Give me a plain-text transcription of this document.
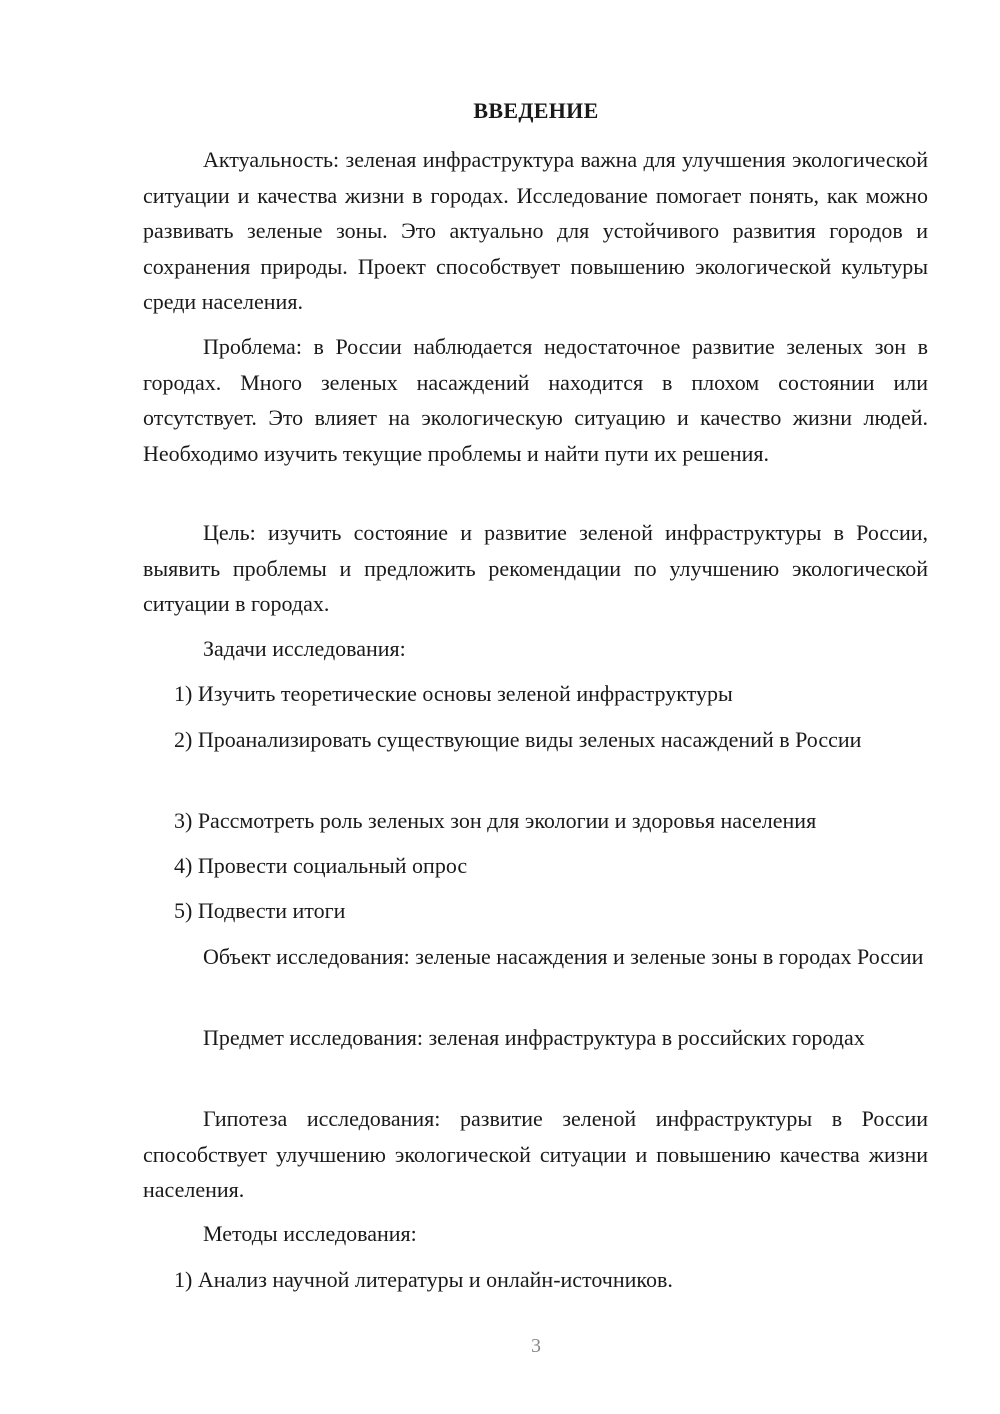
ВВЕДЕНИЕ

Актуальность: зеленая инфраструктура важна для улучшения экологической ситуации и качества жизни в городах. Исследование помогает понять, как можно развивать зеленые зоны. Это актуально для устойчивого развития городов и сохранения природы. Проект способствует повышению экологической культуры среди населения.

Проблема: в России наблюдается недостаточное развитие зеленых зон в городах. Много зеленых насаждений находится в плохом состоянии или отсутствует. Это влияет на экологическую ситуацию и качество жизни людей. Необходимо изучить текущие проблемы и найти пути их решения.

Цель: изучить состояние и развитие зеленой инфраструктуры в России, выявить проблемы и предложить рекомендации по улучшению экологической ситуации в городах.

Задачи исследования:

1) Изучить теоретические основы зеленой инфраструктуры

2) Проанализировать существующие виды зеленых насаждений в России

3) Рассмотреть роль зеленых зон для экологии и здоровья населения

4) Провести социальный опрос

5) Подвести итоги

Объект исследования: зеленые насаждения и зеленые зоны в городах России

Предмет исследования: зеленая инфраструктура в российских городах

Гипотеза исследования: развитие зеленой инфраструктуры в России способствует улучшению экологической ситуации и повышению качества жизни населения.

Методы исследования:

1) Анализ научной литературы и онлайн-источников.

3
